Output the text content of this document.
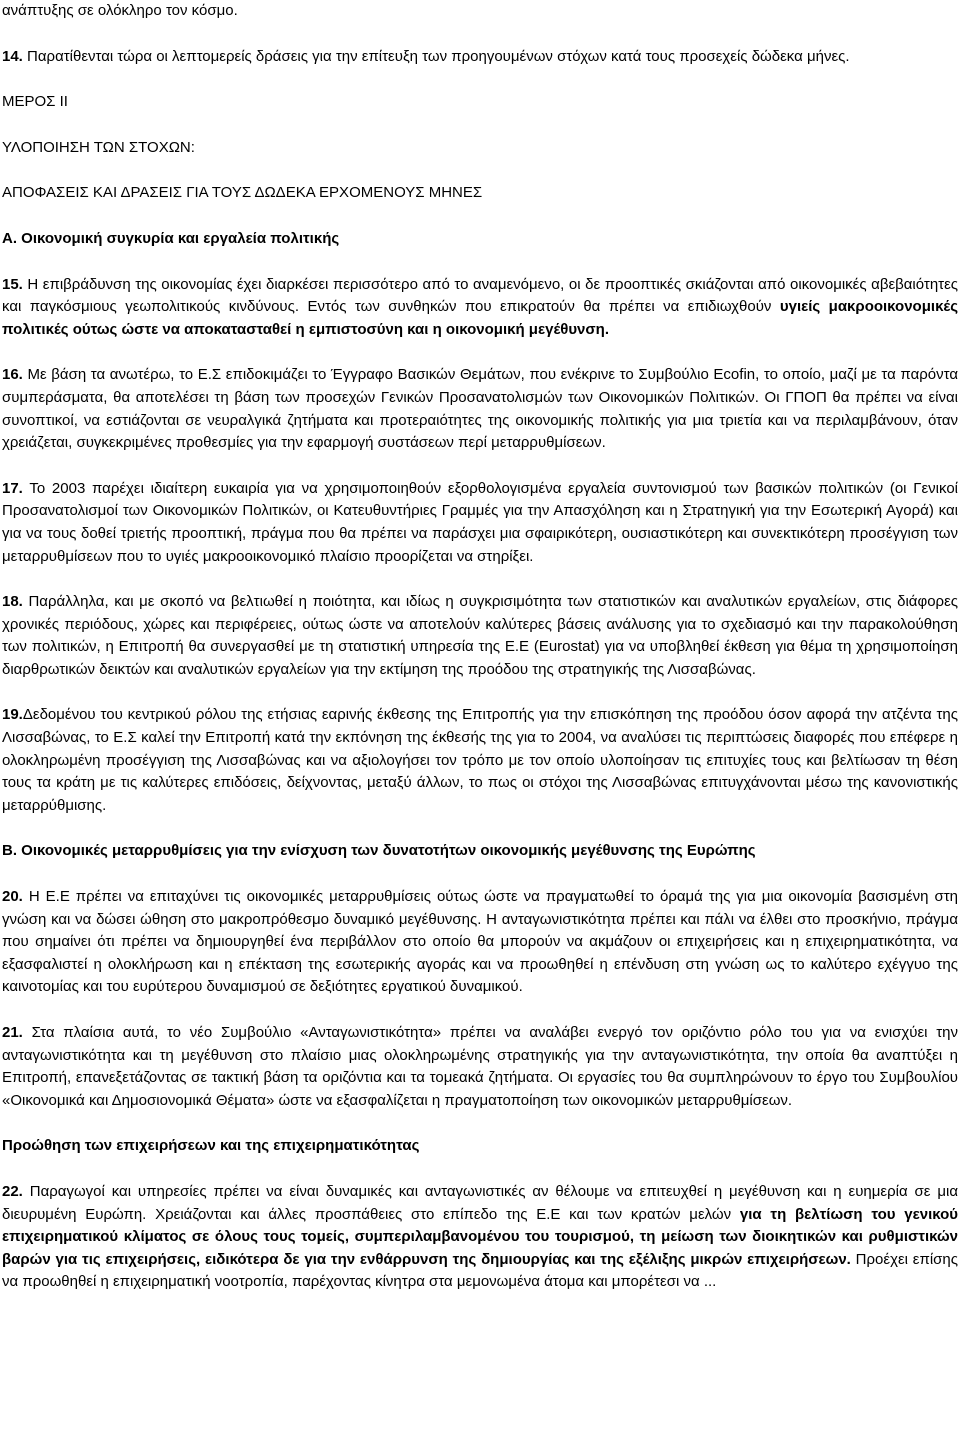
ανάπτυξης σε ολόκληρο τον κόσμο.

14. Παρατίθενται τώρα οι λεπτομερείς δράσεις για την επίτευξη των προηγουμένων στόχων κατά τους προσεχείς δώδεκα μήνες.

ΜΕΡΟΣ II

ΥΛΟΠΟΙΗΣΗ ΤΩΝ ΣΤΟΧΩΝ:

ΑΠΟΦΑΣΕΙΣ ΚΑΙ ΔΡΑΣΕΙΣ ΓΙΑ ΤΟΥΣ ΔΩΔΕΚΑ ΕΡΧΟΜΕΝΟΥΣ ΜΗΝΕΣ

Α. Οικονομική συγκυρία και εργαλεία πολιτικής

15. Η επιβράδυνση της οικονομίας έχει διαρκέσει περισσότερο από το αναμενόμενο, οι δε προοπτικές σκιάζονται από οικονομικές αβεβαιότητες και παγκόσμιους γεωπολιτικούς κινδύνους. Εντός των συνθηκών που επικρατούν θα πρέπει να επιδιωχθούν υγιείς μακροοικονομικές πολιτικές ούτως ώστε να αποκατασταθεί η εμπιστοσύνη και η οικονομική μεγέθυνση.

16. Με βάση τα ανωτέρω, το Ε.Σ επιδοκιμάζει το Έγγραφο Βασικών Θεμάτων, που ενέκρινε το Συμβούλιο Ecofin, το οποίο, μαζί με τα παρόντα συμπεράσματα, θα αποτελέσει τη βάση των προσεχών Γενικών Προσανατολισμών των Οικονομικών Πολιτικών. Οι ΓΠΟΠ θα πρέπει να είναι συνοπτικοί, να εστιάζονται σε νευραλγικά ζητήματα και προτεραιότητες της οικονομικής πολιτικής για μια τριετία και να περιλαμβάνουν, όταν χρειάζεται, συγκεκριμένες προθεσμίες για την εφαρμογή συστάσεων περί μεταρρυθμίσεων.

17. Το 2003 παρέχει ιδιαίτερη ευκαιρία για να χρησιμοποιηθούν εξορθολογισμένα εργαλεία συντονισμού των βασικών πολιτικών (οι Γενικοί Προσανατολισμοί των Οικονομικών Πολιτικών, οι Κατευθυντήριες Γραμμές για την Απασχόληση και η Στρατηγική για την Εσωτερική Αγορά) και για να τους δοθεί τριετής προοπτική, πράγμα που θα πρέπει να παράσχει μια σφαιρικότερη, ουσιαστικότερη και συνεκτικότερη προσέγγιση των μεταρρυθμίσεων που το υγιές μακροοικονομικό πλαίσιο προορίζεται να στηρίξει.

18. Παράλληλα, και με σκοπό να βελτιωθεί η ποιότητα, και ιδίως η συγκρισιμότητα των στατιστικών και αναλυτικών εργαλείων, στις διάφορες χρονικές περιόδους, χώρες και περιφέρειες, ούτως ώστε να αποτελούν καλύτερες βάσεις ανάλυσης για το σχεδιασμό και την παρακολούθηση των πολιτικών, η Επιτροπή θα συνεργασθεί με τη στατιστική υπηρεσία της Ε.Ε (Eurostat) για να υποβληθεί έκθεση για θέμα τη χρησιμοποίηση διαρθρωτικών δεικτών και αναλυτικών εργαλείων για την εκτίμηση της προόδου της στρατηγικής της Λισσαβώνας.

19.Δεδομένου του κεντρικού ρόλου της ετήσιας εαρινής έκθεσης της Επιτροπής για την επισκόπηση της προόδου όσον αφορά την ατζέντα της Λισσαβώνας, το Ε.Σ καλεί την Επιτροπή κατά την εκπόνηση της έκθεσής της για το 2004, να αναλύσει τις περιπτώσεις διαφορές που επέφερε η ολοκληρωμένη προσέγγιση της Λισσαβώνας και να αξιολογήσει τον τρόπο με τον οποίο υλοποίησαν τις επιτυχίες τους και βελτίωσαν τη θέση τους τα κράτη με τις καλύτερες επιδόσεις, δείχνοντας, μεταξύ άλλων, το πως οι στόχοι της Λισσαβώνας επιτυγχάνονται μέσω της κανονιστικής μεταρρύθμισης.

Β. Οικονομικές μεταρρυθμίσεις για την ενίσχυση των δυνατοτήτων οικονομικής μεγέθυνσης της Ευρώπης

20. Η Ε.Ε πρέπει να επιταχύνει τις οικονομικές μεταρρυθμίσεις ούτως ώστε να πραγματωθεί το όραμά της για μια οικονομία βασισμένη στη γνώση και να δώσει ώθηση στο μακροπρόθεσμο δυναμικό μεγέθυνσης. Η ανταγωνιστικότητα πρέπει και πάλι να έλθει στο προσκήνιο, πράγμα που σημαίνει ότι πρέπει να δημιουργηθεί ένα περιβάλλον στο οποίο θα μπορούν να ακμάζουν οι επιχειρήσεις και η επιχειρηματικότητα, να εξασφαλιστεί η ολοκλήρωση και η επέκταση της εσωτερικής αγοράς και να προωθηθεί η επένδυση στη γνώση ως το καλύτερο εχέγγυο της καινοτομίας και του ευρύτερου δυναμισμού σε δεξιότητες εργατικού δυναμικού.

21. Στα πλαίσια αυτά, το νέο Συμβούλιο «Ανταγωνιστικότητα» πρέπει να αναλάβει ενεργό τον οριζόντιο ρόλο του για να ενισχύει την ανταγωνιστικότητα και τη μεγέθυνση στο πλαίσιο μιας ολοκληρωμένης στρατηγικής για την ανταγωνιστικότητα, την οποία θα αναπτύξει η Επιτροπή, επανεξετάζοντας σε τακτική βάση τα οριζόντια και τα τομεακά ζητήματα. Οι εργασίες του θα συμπληρώνουν το έργο του Συμβουλίου «Οικονομικά και Δημοσιονομικά Θέματα» ώστε να εξασφαλίζεται η πραγματοποίηση των οικονομικών μεταρρυθμίσεων.

Προώθηση των επιχειρήσεων και της επιχειρηματικότητας

22. Παραγωγοί και υπηρεσίες πρέπει να είναι δυναμικές και ανταγωνιστικές αν θέλουμε να επιτευχθεί η μεγέθυνση και η ευημερία σε μια διευρυμένη Ευρώπη. Χρειάζονται και άλλες προσπάθειες στο επίπεδο της Ε.Ε και των κρατών μελών για τη βελτίωση του γενικού επιχειρηματικού κλίματος σε όλους τους τομείς, συμπεριλαμβανομένου του τουρισμού, τη μείωση των διοικητικών και ρυθμιστικών βαρών για τις επιχειρήσεις, ειδικότερα δε για την ενθάρρυνση της δημιουργίας και της εξέλιξης μικρών επιχειρήσεων. Προέχει επίσης να προωθηθεί η επιχειρηματική νοοτροπία, παρέχοντας κίνητρα στα μεμονωμένα άτομα και μπορέτεσι να ...
